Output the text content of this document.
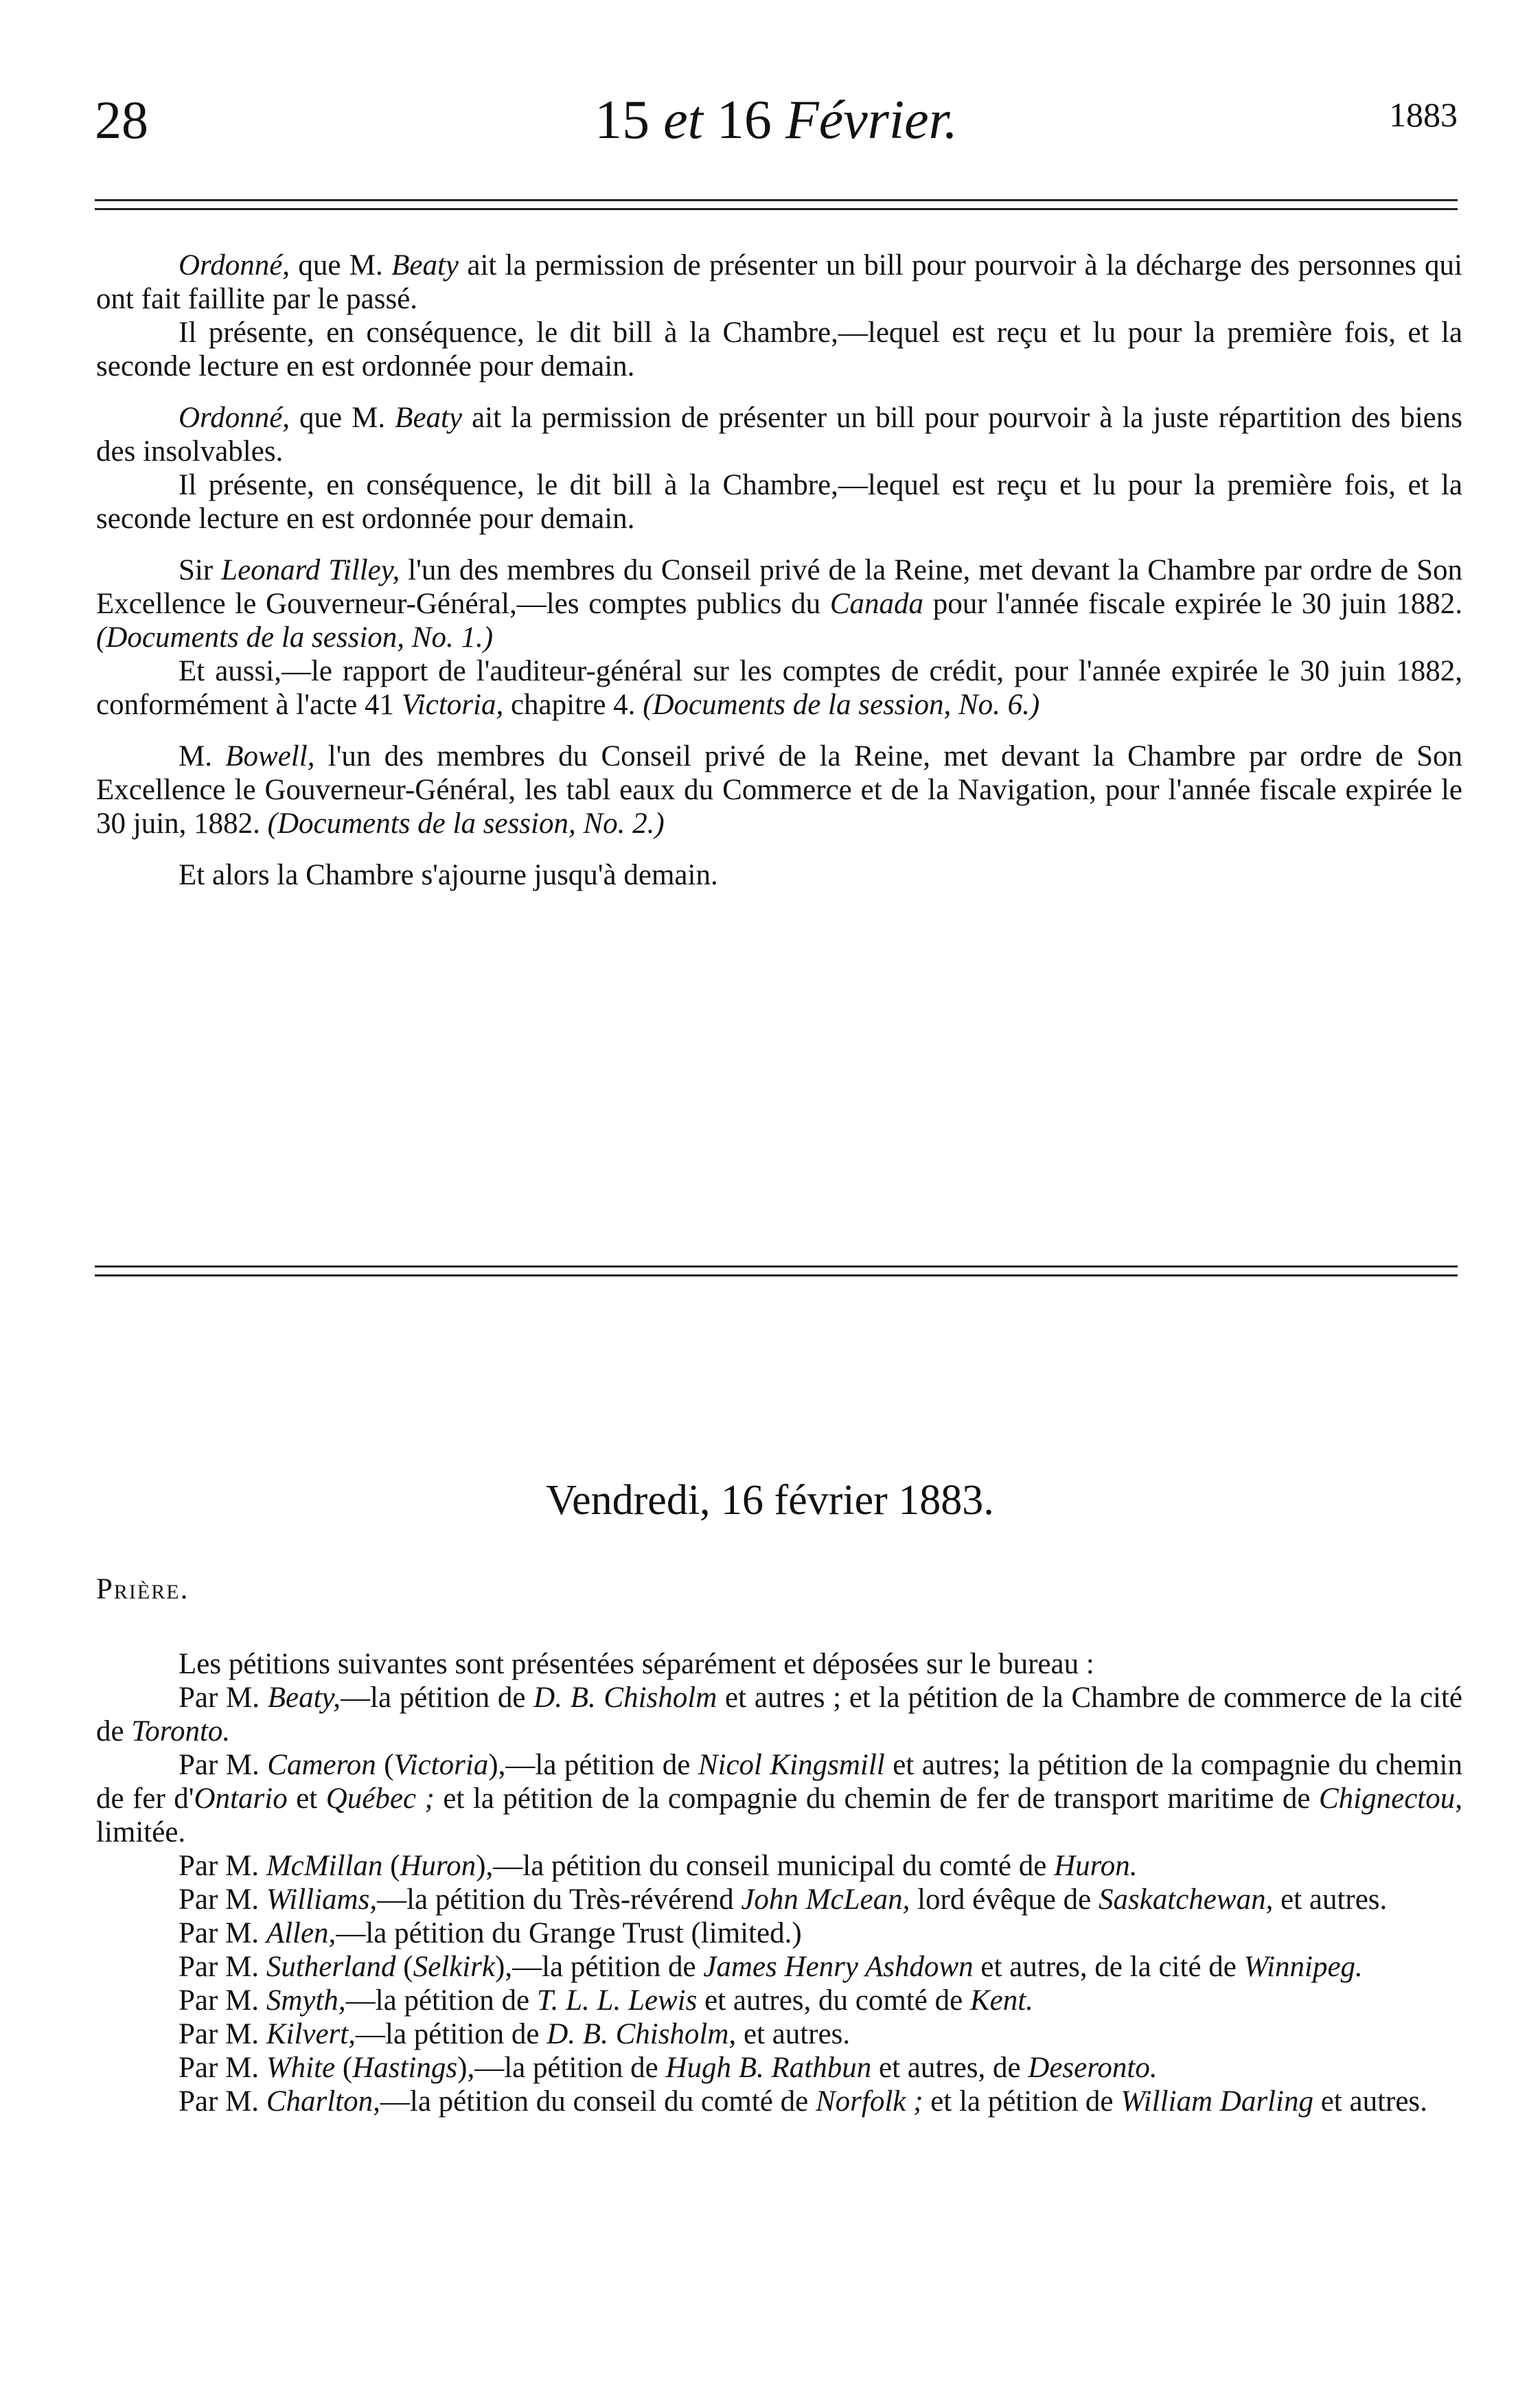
28	15 et 16 Février.	1883

Ordonné, que M. Beaty ait la permission de présenter un bill pour pourvoir à la décharge des personnes qui ont fait faillite par le passé.

Il présente, en conséquence, le dit bill à la Chambre,—lequel est reçu et lu pour la première fois, et la seconde lecture en est ordonnée pour demain.

Ordonné, que M. Beaty ait la permission de présenter un bill pour pourvoir à la juste répartition des biens des insolvables.

Il présente, en conséquence, le dit bill à la Chambre,—lequel est reçu et lu pour la première fois, et la seconde lecture en est ordonnée pour demain.

Sir Leonard Tilley, l'un des membres du Conseil privé de la Reine, met devant la Chambre par ordre de Son Excellence le Gouverneur-Général,—les comptes publics du Canada pour l'année fiscale expirée le 30 juin 1882. (Documents de la session, No. 1.)

Et aussi,—le rapport de l'auditeur-général sur les comptes de crédit, pour l'année expirée le 30 juin 1882, conformément à l'acte 41 Victoria, chapitre 4. (Documents de la session, No. 6.)

M. Bowell, l'un des membres du Conseil privé de la Reine, met devant la Chambre par ordre de Son Excellence le Gouverneur-Général, les tabl eaux du Commerce et de la Navigation, pour l'année fiscale expirée le 30 juin, 1882. (Documents de la session, No. 2.)

Et alors la Chambre s'ajourne jusqu'à demain.

Vendredi, 16 février 1883.

Prière.

Les pétitions suivantes sont présentées séparément et déposées sur le bureau :

Par M. Beaty,—la pétition de D. B. Chisholm et autres ; et la pétition de la Chambre de commerce de la cité de Toronto.

Par M. Cameron (Victoria),—la pétition de Nicol Kingsmill et autres; la pétition de la compagnie du chemin de fer d'Ontario et Québec ; et la pétition de la compagnie du chemin de fer de transport maritime de Chignectou, limitée.

Par M. McMillan (Huron),—la pétition du conseil municipal du comté de Huron.

Par M. Williams,—la pétition du Très-révérend John McLean, lord évêque de Saskatchewan, et autres.

Par M. Allen,—la pétition du Grange Trust (limited.)

Par M. Sutherland (Selkirk),—la pétition de James Henry Ashdown et autres, de la cité de Winnipeg.

Par M. Smyth,—la pétition de T. L. L. Lewis et autres, du comté de Kent.

Par M. Kilvert,—la pétition de D. B. Chisholm, et autres.

Par M. White (Hastings),—la pétition de Hugh B. Rathbun et autres, de Deseronto.

Par M. Charlton,—la pétition du conseil du comté de Norfolk ; et la pétition de William Darling et autres.
